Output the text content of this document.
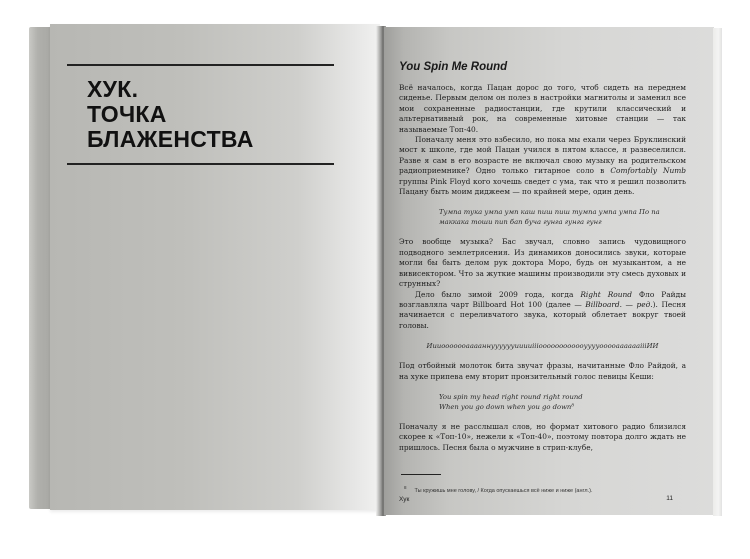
ХУК.
ТОЧКА
БЛАЖЕНСТВА
You Spin Me Round

Всё началось, когда Пацан дорос до того, чтоб сидеть на переднем сиденье. Первым делом он полез в настройки магнитолы и заменил все мои сохраненные радиостанции, где крутили классический и альтернативный рок, на современные хитовые станции — так называемые Топ-40.

Поначалу меня это взбесило, но пока мы ехали через Бруклинский мост к школе, где мой Пацан учился в пятом классе, я развеселился. Разве я сам в его возрасте не включал свою музыку на родительском радиоприемнике? Одно только гитарное соло в Comfortably Numb группы Pink Floyd кого хочешь сведет с ума, так что я решил позволить Пацану быть моим диджеем — по крайней мере, один день.

Тумпа тука умпа умп каш пиш пиш тумпа умпа умпа По па
маккака тоши пип бап буча гунга гунга гунг

Это вообще музыка? Бас звучал, словно запись чудовищного подводного землетрясения. Из динамиков доносились звуки, которые могли бы быть делом рук доктора Моро, будь он музыкантом, а не вивисектором. Что за жуткие машины производили эту смесь духовых и струнных?

Дело было зимой 2009 года, когда Right Round Фло Райды возглавляла чарт Billboard Hot 100 (далее — Billboard. — ред.). Песня начинается с переливчатого звука, который облетает вокруг твоей головы.

ИииooooooaaaaннууууууииииiiiooooooooooоууууooooaaaaaaiiiИИ

Под отбойный молоток бита звучат фразы, начитанные Фло Райдой, а на хуке припева ему вторит пронзительный голос певицы Кеши:

You spin my head right round right round
When you go down when you go down⁸

Поначалу я не расслышал слов, но формат хитового радио близился скорее к «Топ-10», нежели к «Топ-40», поэтому повтора долго ждать не пришлось. Песня была о мужчине в стрип-клубе,

$^8$Ты кружишь мне голову, / Когда опускаешься всё ниже и ниже (англ.).
Хук	11
